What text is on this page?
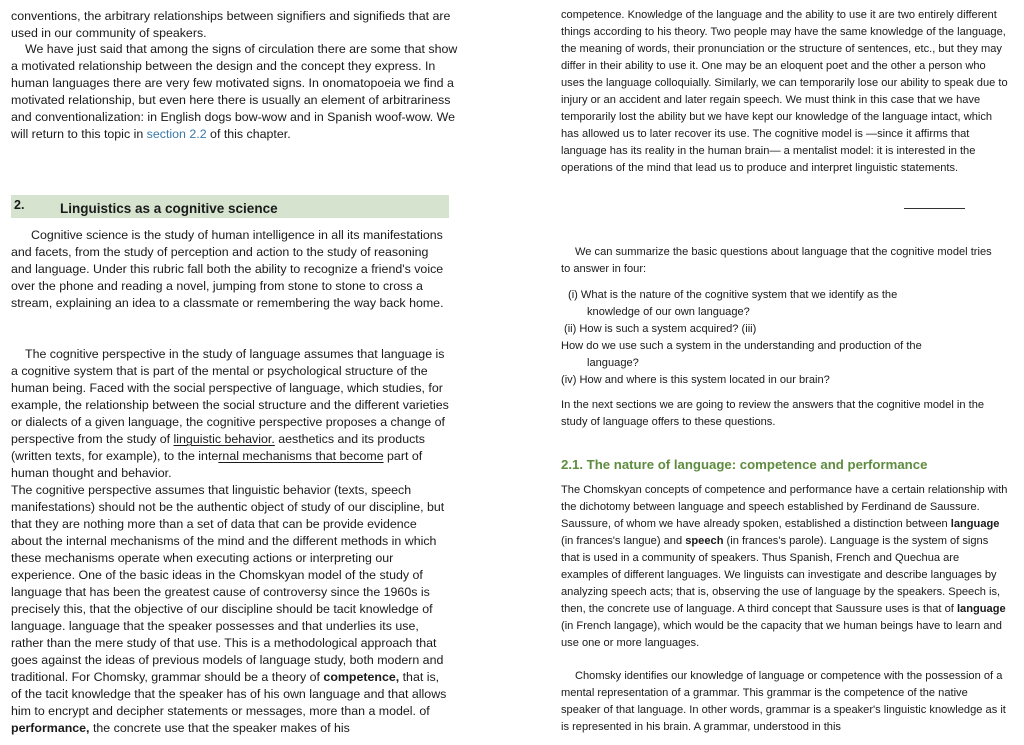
conventions, the arbitrary relationships between signifiers and signifieds that are used in our community of speakers.

We have just said that among the signs of circulation there are some that show a motivated relationship between the design and the concept they express. In human languages there are very few motivated signs. In onomatopoeia we find a motivated relationship, but even here there is usually an element of arbitrariness and conventionalization: in English dogs bow-wow and in Spanish woof-wow. We will return to this topic in section 2.2 of this chapter.

2.	Linguistics as a cognitive science

Cognitive science is the study of human intelligence in all its manifestations and facets, from the study of perception and action to the study of reasoning and language. Under this rubric fall both the ability to recognize a friend's voice over the phone and reading a novel, jumping from stone to stone to cross a stream, explaining an idea to a classmate or remembering the way back home.

The cognitive perspective in the study of language assumes that language is a cognitive system that is part of the mental or psychological structure of the human being. Faced with the social perspective of language, which studies, for example, the relationship between the social structure and the different varieties or dialects of a given language, the cognitive perspective proposes a change of perspective from the study of linguistic behavior. aesthetics and its products (written texts, for example), to the internal mechanisms that become part of human thought and behavior.

The cognitive perspective assumes that linguistic behavior (texts, speech manifestations) should not be the authentic object of study of our discipline, but that they are nothing more than a set of data that can be provide evidence about the internal mechanisms of the mind and the different methods in which these mechanisms operate when executing actions or interpreting our experience. One of the basic ideas in the Chomskyan model of the study of language that has been the greatest cause of controversy since the 1960s is precisely this, that the objective of our discipline should be tacit knowledge of language. language that the speaker possesses and that underlies its use, rather than the mere study of that use. This is a methodological approach that goes against the ideas of previous models of language study, both modern and traditional. For Chomsky, grammar should be a theory of competence, that is, of the tacit knowledge that the speaker has of his own language and that allows him to encrypt and decipher statements or messages, more than a model. of performance, the concrete use that the speaker makes of his

competence. Knowledge of the language and the ability to use it are two entirely different things according to his theory. Two people may have the same knowledge of the language, the meaning of words, their pronunciation or the structure of sentences, etc., but they may differ in their ability to use it. One may be an eloquent poet and the other a person who uses the language colloquially. Similarly, we can temporarily lose our ability to speak due to injury or an accident and later regain speech. We must think in this case that we have temporarily lost the ability but we have kept our knowledge of the language intact, which has allowed us to later recover its use. The cognitive model is —since it affirms that language has its reality in the human brain— a mentalist model: it is interested in the operations of the mind that lead us to produce and interpret linguistic statements.

We can summarize the basic questions about language that the cognitive model tries to answer in four:

(i) What is the nature of the cognitive system that we identify as the

knowledge of our own language?

(ii) How is such a system acquired? (iii)

How do we use such a system in the understanding and production of the

language?

(iv) How and where is this system located in our brain?

In the next sections we are going to review the answers that the cognitive model in the study of language offers to these questions.

2.1. The nature of language: competence and performance

The Chomskyan concepts of competence and performance have a certain relationship with the dichotomy between language and speech established by Ferdinand de Saussure. Saussure, of whom we have already spoken, established a distinction between language (in frances's langue) and speech (in frances's parole). Language is the system of signs that is used in a community of speakers. Thus Spanish, French and Quechua are examples of different languages. We linguists can investigate and describe languages by analyzing speech acts; that is, observing the use of language by the speakers. Speech is, then, the concrete use of language. A third concept that Saussure uses is that of language (in French langage), which would be the capacity that we human beings have to learn and use one or more languages.

Chomsky identifies our knowledge of language or competence with the possession of a mental representation of a grammar. This grammar is the competence of the native speaker of that language. In other words, grammar is a speaker's linguistic knowledge as it is represented in his brain. A grammar, understood in this
